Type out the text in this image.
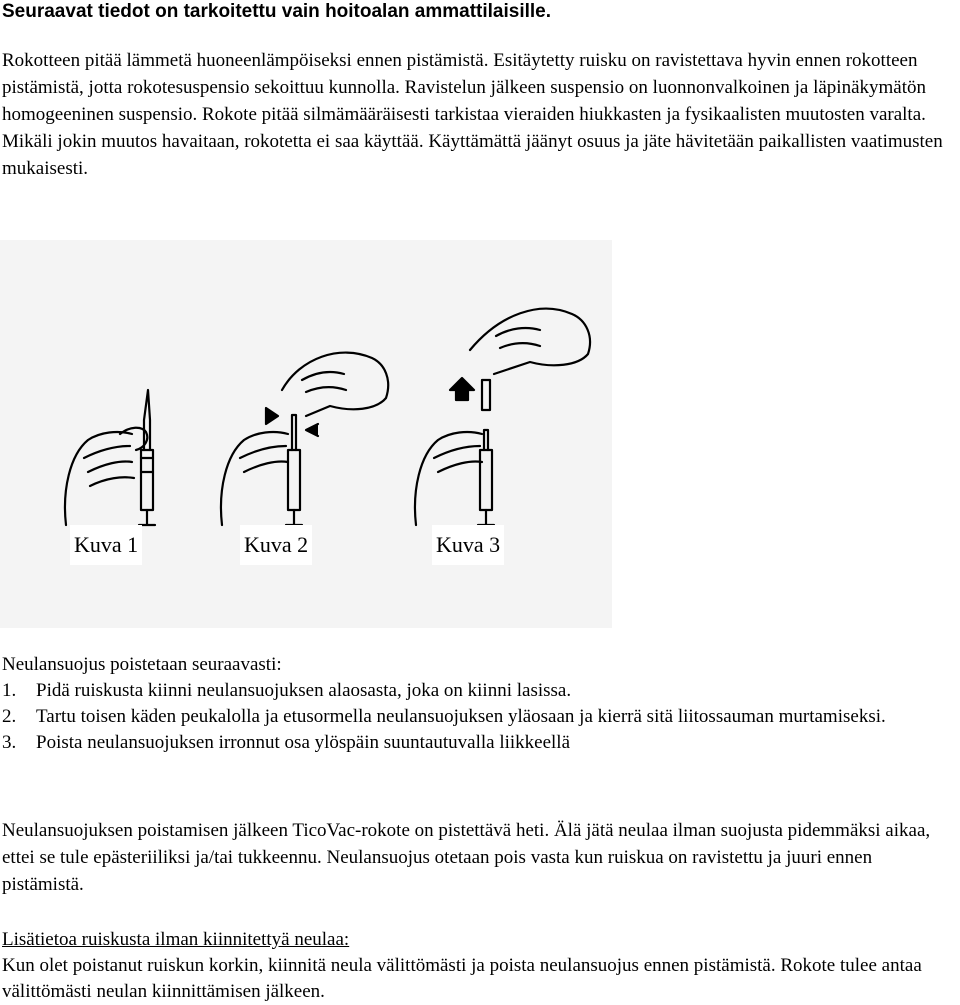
Seuraavat tiedot on tarkoitettu vain hoitoalan ammattilaisille.

Rokotteen pitää lämmetä huoneenlämpöiseksi ennen pistämistä. Esitäytetty ruisku on ravistettava hyvin ennen rokotteen pistämistä, jotta rokotesuspensio sekoittuu kunnolla. Ravistelun jälkeen suspensio on luonnonvalkoinen ja läpinäkymätön homogeeninen suspensio. Rokote pitää silmämääräisesti tarkistaa vieraiden hiukkasten ja fysikaalisten muutosten varalta. Mikäli jokin muutos havaitaan, rokotetta ei saa käyttää. Käyttämättä jäänyt osuus ja jäte hävitetään paikallisten vaatimusten mukaisesti.

Kuva 1	Kuva 2	Kuva 3

Neulansuojus poistetaan seuraavasti:

1. Pidä ruiskusta kiinni neulansuojuksen alaosasta, joka on kiinni lasissa.
2. Tartu toisen käden peukalolla ja etusormella neulansuojuksen yläosaan ja kierrä sitä liitossauman murtamiseksi.
3. Poista neulansuojuksen irronnut osa ylöspäin suuntautuvalla liikkeellä

Neulansuojuksen poistamisen jälkeen TicoVac-rokote on pistettävä heti. Älä jätä neulaa ilman suojusta pidemmäksi aikaa, ettei se tule epästeriiliksi ja/tai tukkeennu. Neulansuojus otetaan pois vasta kun ruiskua on ravistettu ja juuri ennen pistämistä.

Lisätietoa ruiskusta ilman kiinnitettyä neulaa:

Kun olet poistanut ruiskun korkin, kiinnitä neula välittömästi ja poista neulansuojus ennen pistämistä. Rokote tulee antaa välittömästi neulan kiinnittämisen jälkeen.
